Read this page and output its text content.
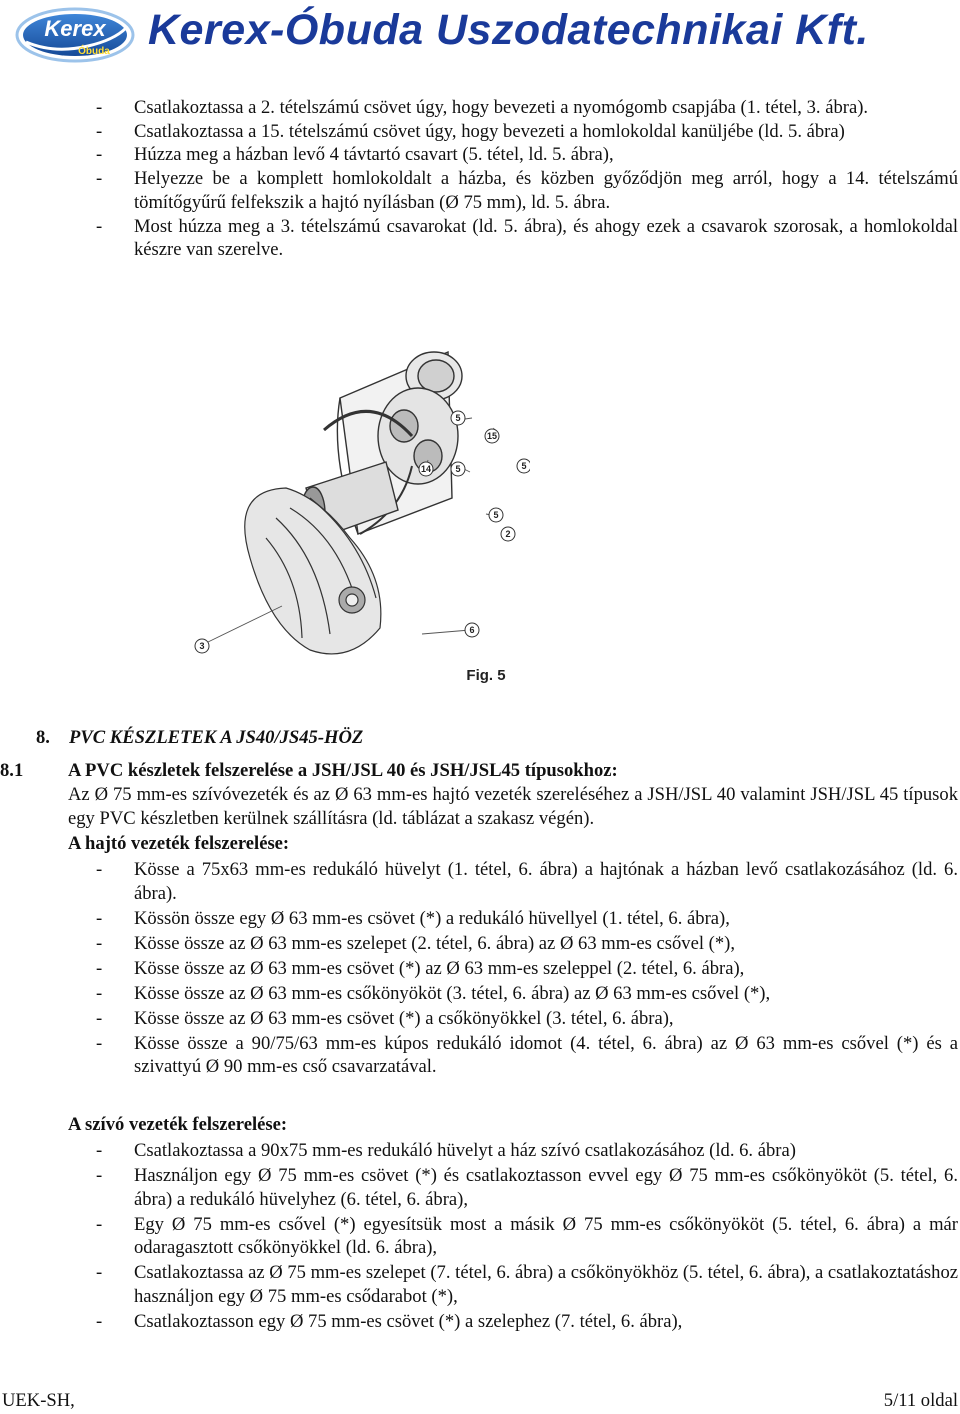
Kerex
Óbuda Kerex-Óbuda Uszodatechnikai Kft.
- Csatlakoztassa a 2. tételszámú csövet úgy, hogy bevezeti a nyomógomb csapjába (1. tétel, 3. ábra).
- Csatlakoztassa a 15. tételszámú csövet úgy, hogy bevezeti a homlokoldal kanüljébe (ld. 5. ábra)
- Húzza meg a házban levő 4 távtartó csavart (5. tétel, ld. 5. ábra),
- Helyezze be a komplett homlokoldalt a házba, és közben győződjön meg arról, hogy a 14. tételszámú tömítőgyűrű felfekszik a hajtó nyílásban (Ø 75 mm), ld. 5. ábra.
- Most húzza meg a 3. tételszámú csavarokat (ld. 5. ábra), és ahogy ezek a csavarok szorosak, a homlokoldal készre van szerelve.
5
15
14	5	5
5
2
6
3
Fig. 5
8. PVC KÉSZLETEK A JS40/JS45-HÖZ
8.1 A PVC készletek felszerelése a JSH/JSL 40 és JSH/JSL45 típusokhoz:
Az Ø 75 mm-es szívóvezeték és az Ø 63 mm-es hajtó vezeték szereléséhez a JSH/JSL 40 valamint JSH/JSL 45 típusok egy PVC készletben kerülnek szállításra (ld. táblázat a szakasz végén).
A hajtó vezeték felszerelése:
- Kösse a 75x63 mm-es redukáló hüvelyt (1. tétel, 6. ábra) a hajtónak a házban levő csatlakozásához (ld. 6. ábra).
- Kössön össze egy Ø 63 mm-es csövet (*) a redukáló hüvellyel (1. tétel, 6. ábra),
- Kösse össze az Ø 63 mm-es szelepet (2. tétel, 6. ábra) az Ø 63 mm-es csővel (*),
- Kösse össze az Ø 63 mm-es csövet (*) az Ø 63 mm-es szeleppel (2. tétel, 6. ábra),
- Kösse össze az Ø 63 mm-es csőkönyököt (3. tétel, 6. ábra) az Ø 63 mm-es csővel (*),
- Kösse össze az Ø 63 mm-es csövet (*) a csőkönyökkel (3. tétel, 6. ábra),
- Kösse össze a 90/75/63 mm-es kúpos redukáló idomot (4. tétel, 6. ábra) az Ø 63 mm-es csővel (*) és a szivattyú Ø 90 mm-es cső csavarzatával.
A szívó vezeték felszerelése:
- Csatlakoztassa a 90x75 mm-es redukáló hüvelyt a ház szívó csatlakozásához (ld. 6. ábra)
- Használjon egy Ø 75 mm-es csövet (*) és csatlakoztasson evvel egy Ø 75 mm-es csőkönyököt (5. tétel, 6. ábra) a redukáló hüvelyhez (6. tétel, 6. ábra),
- Egy Ø 75 mm-es csővel (*) egyesítsük most a másik Ø 75 mm-es csőkönyököt (5. tétel, 6. ábra) a már odaragasztott csőkönyökkel (ld. 6. ábra),
- Csatlakoztassa az Ø 75 mm-es szelepet (7. tétel, 6. ábra) a csőkönyökhöz (5. tétel, 6. ábra), a csatlakoztatáshoz használjon egy Ø 75 mm-es csődarabot (*),
- Csatlakoztasson egy Ø 75 mm-es csövet (*) a szelephez (7. tétel, 6. ábra),
UEK-SH,	5/11 oldal
